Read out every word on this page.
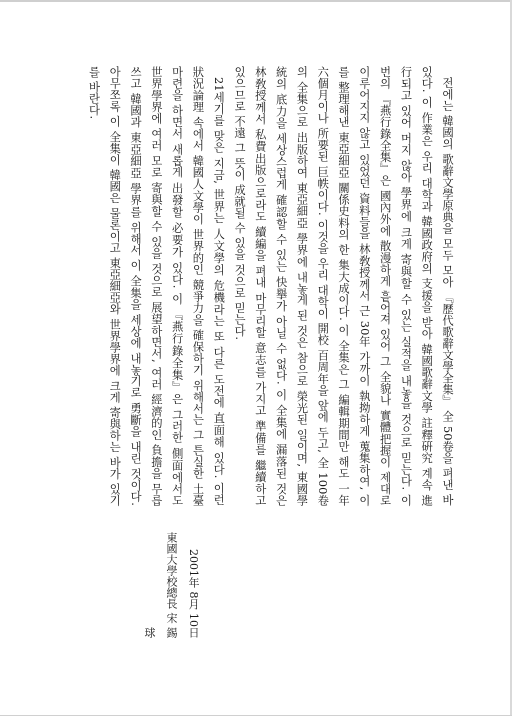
전에는 韓國의 歌辭文學原典을 모두 모아 『歷代歌辭文學全集』 全 50卷을 펴낸 바 있다. 이 作業은 우리 대학과 韓國政府의 支援을 받아 韓國歌辭文學 註釋硏究 계속 進行되고 있어 머지 않아 學界에 크게 寄與할 수 있는 실적을 내놓을 것으로 믿는다. 이번의 『燕行錄全集』은 國內外에 散漫하게 흩어져 있어 그 全貌나 實體把握이 제대로 이루어지지 않고 있었던 資料들을 林敎授께서 근 30年 가까이 執拗하게 蒐集하여, 이를 整理해낸 東亞細亞 關係史料의 한 集大成이다. 이 全集은 그 編輯期間만 해도 一年六個月이나 所要된 巨帙이다. 이것을 우리 대학이 開校 百周年을 앞에 두고, 全 100卷의 全集으로 出版하여 東亞細亞 學界에 내놓게 된 것은 참으로 榮光된 일이며, 東國學統의 底力을 세상스럽게 確認할 수 있는 快擧가 아닐 수 없다. 이 全集에 漏落된 것은 林敎授께서 私費出版으로라도 續編을 펴내 마무리할 意志를 가지고 準備를 繼續하고 있으므로 不遠 그 뜻이 成就될 수 있을 것으로 믿는다.

21세기를 맞은 지금, 世界는 人文學의 危機라는 또 다른 도전에 直面해 있다. 이런 狀況論理 속에서 韓國人文學이 世界的인 競爭力을 確保하기 위해서는 그 튼실한 土臺 마련을 하면서 새롭게 出發할 必要가 있다. 이 『燕行錄全集』은 그러한 側面에서도 世界學界에 여러 모로 寄與할 수 있을 것으로 展望하면서, 여러 經濟的인 負擔을 무릅쓰고 韓國과 東亞細亞 學界를 위해서 이 全集을 세상에 내놓기로 勇斷을 내린 것이다. 아무쪼록 이 全集이 韓國은 물론이고 東亞細亞와 世界學界에 크게 寄與하는 바가 있기를 바란다.

2001年 8月 10日
東國大學校總長 宋 錫 球
